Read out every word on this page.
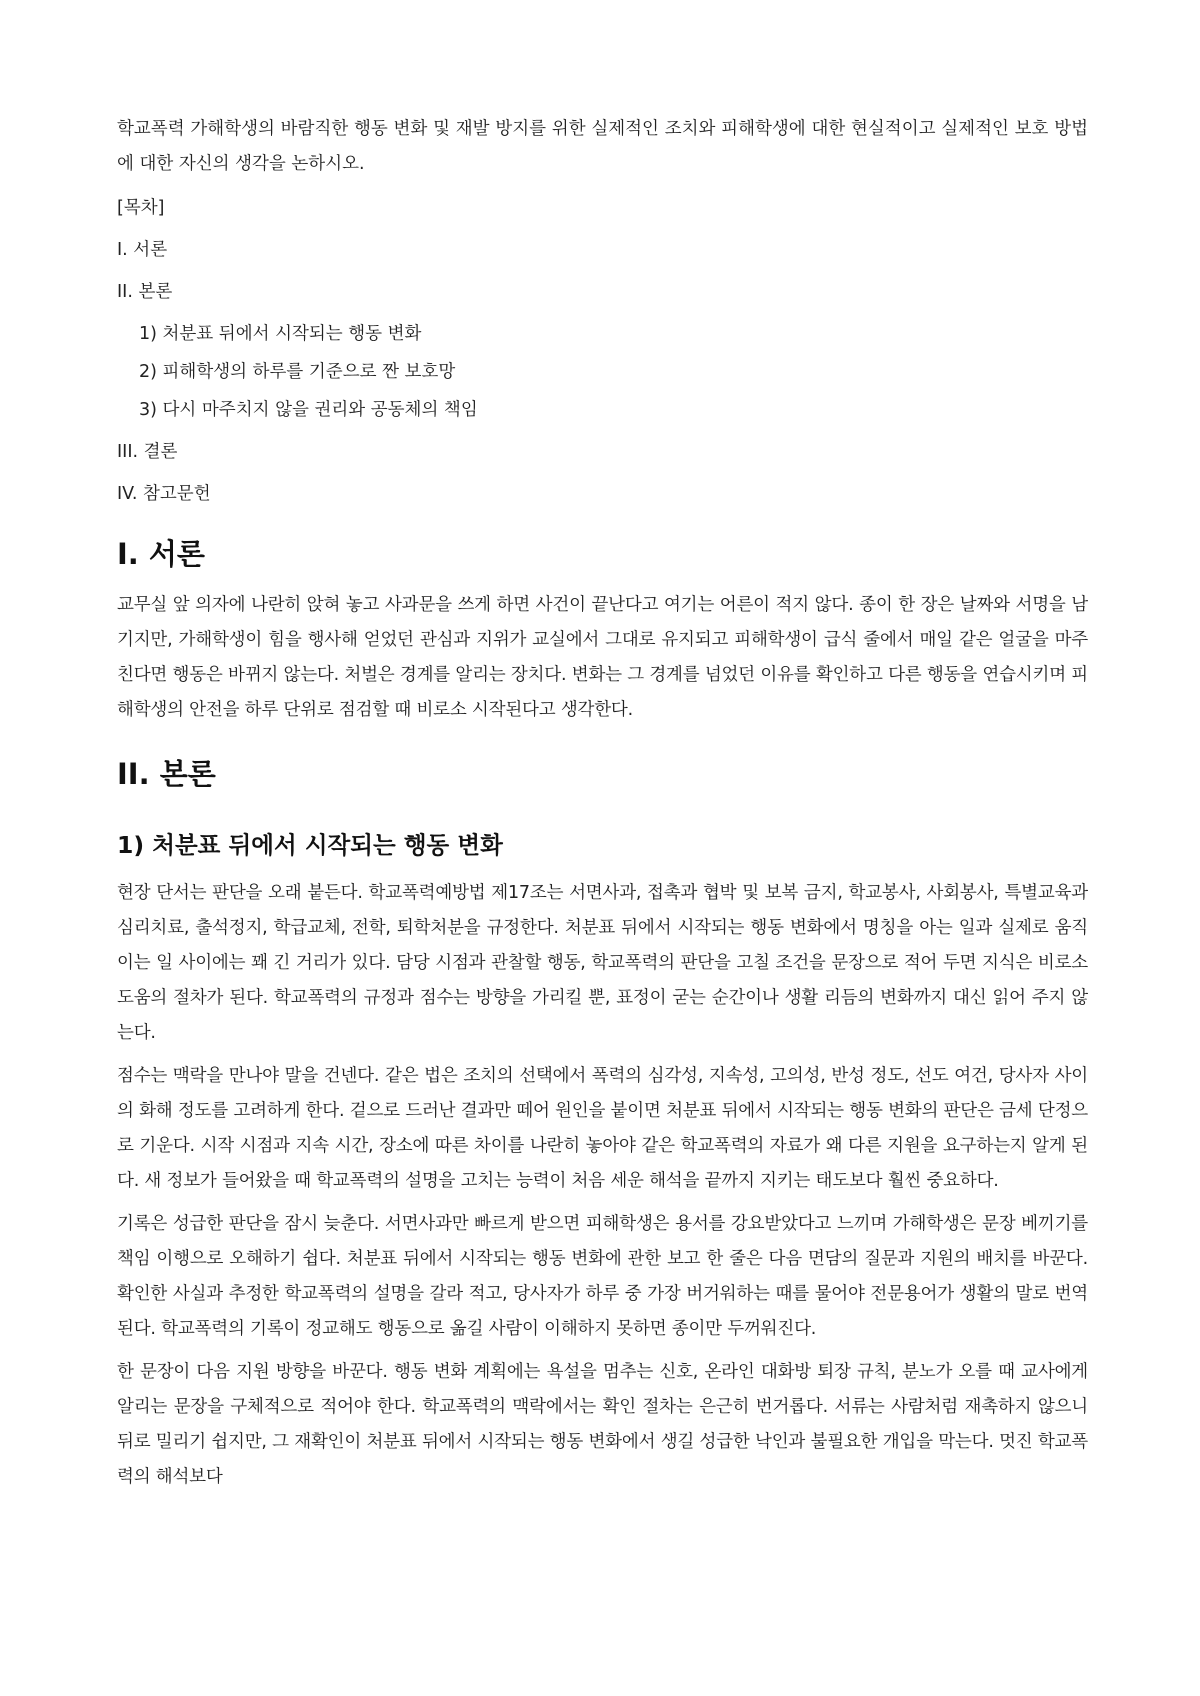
학교폭력 가해학생의 바람직한 행동 변화 및 재발 방지를 위한 실제적인 조치와 피해학생에 대한 현실적이고 실제적인 보호 방법에 대한 자신의 생각을 논하시오.

[목차]
I. 서론
II. 본론
1) 처분표 뒤에서 시작되는 행동 변화
2) 피해학생의 하루를 기준으로 짠 보호망
3) 다시 마주치지 않을 권리와 공동체의 책임
III. 결론
IV. 참고문헌
I. 서론

교무실 앞 의자에 나란히 앉혀 놓고 사과문을 쓰게 하면 사건이 끝난다고 여기는 어른이 적지 않다. 종이 한 장은 날짜와 서명을 남기지만, 가해학생이 힘을 행사해 얻었던 관심과 지위가 교실에서 그대로 유지되고 피해학생이 급식 줄에서 매일 같은 얼굴을 마주친다면 행동은 바뀌지 않는다. 처벌은 경계를 알리는 장치다. 변화는 그 경계를 넘었던 이유를 확인하고 다른 행동을 연습시키며 피해학생의 안전을 하루 단위로 점검할 때 비로소 시작된다고 생각한다.

II. 본론
1) 처분표 뒤에서 시작되는 행동 변화

현장 단서는 판단을 오래 붙든다. 학교폭력예방법 제17조는 서면사과, 접촉과 협박 및 보복 금지, 학교봉사, 사회봉사, 특별교육과 심리치료, 출석정지, 학급교체, 전학, 퇴학처분을 규정한다. 처분표 뒤에서 시작되는 행동 변화에서 명칭을 아는 일과 실제로 움직이는 일 사이에는 꽤 긴 거리가 있다. 담당 시점과 관찰할 행동, 학교폭력의 판단을 고칠 조건을 문장으로 적어 두면 지식은 비로소 도움의 절차가 된다. 학교폭력의 규정과 점수는 방향을 가리킬 뿐, 표정이 굳는 순간이나 생활 리듬의 변화까지 대신 읽어 주지 않는다.

점수는 맥락을 만나야 말을 건넨다. 같은 법은 조치의 선택에서 폭력의 심각성, 지속성, 고의성, 반성 정도, 선도 여건, 당사자 사이의 화해 정도를 고려하게 한다. 겉으로 드러난 결과만 떼어 원인을 붙이면 처분표 뒤에서 시작되는 행동 변화의 판단은 금세 단정으로 기운다. 시작 시점과 지속 시간, 장소에 따른 차이를 나란히 놓아야 같은 학교폭력의 자료가 왜 다른 지원을 요구하는지 알게 된다. 새 정보가 들어왔을 때 학교폭력의 설명을 고치는 능력이 처음 세운 해석을 끝까지 지키는 태도보다 훨씬 중요하다.

기록은 성급한 판단을 잠시 늦춘다. 서면사과만 빠르게 받으면 피해학생은 용서를 강요받았다고 느끼며 가해학생은 문장 베끼기를 책임 이행으로 오해하기 쉽다. 처분표 뒤에서 시작되는 행동 변화에 관한 보고 한 줄은 다음 면담의 질문과 지원의 배치를 바꾼다. 확인한 사실과 추정한 학교폭력의 설명을 갈라 적고, 당사자가 하루 중 가장 버거워하는 때를 물어야 전문용어가 생활의 말로 번역된다. 학교폭력의 기록이 정교해도 행동으로 옮길 사람이 이해하지 못하면 종이만 두꺼워진다.

한 문장이 다음 지원 방향을 바꾼다. 행동 변화 계획에는 욕설을 멈추는 신호, 온라인 대화방 퇴장 규칙, 분노가 오를 때 교사에게 알리는 문장을 구체적으로 적어야 한다. 학교폭력의 맥락에서는 확인 절차는 은근히 번거롭다. 서류는 사람처럼 재촉하지 않으니 뒤로 밀리기 쉽지만, 그 재확인이 처분표 뒤에서 시작되는 행동 변화에서 생길 성급한 낙인과 불필요한 개입을 막는다. 멋진 학교폭력의 해석보다
